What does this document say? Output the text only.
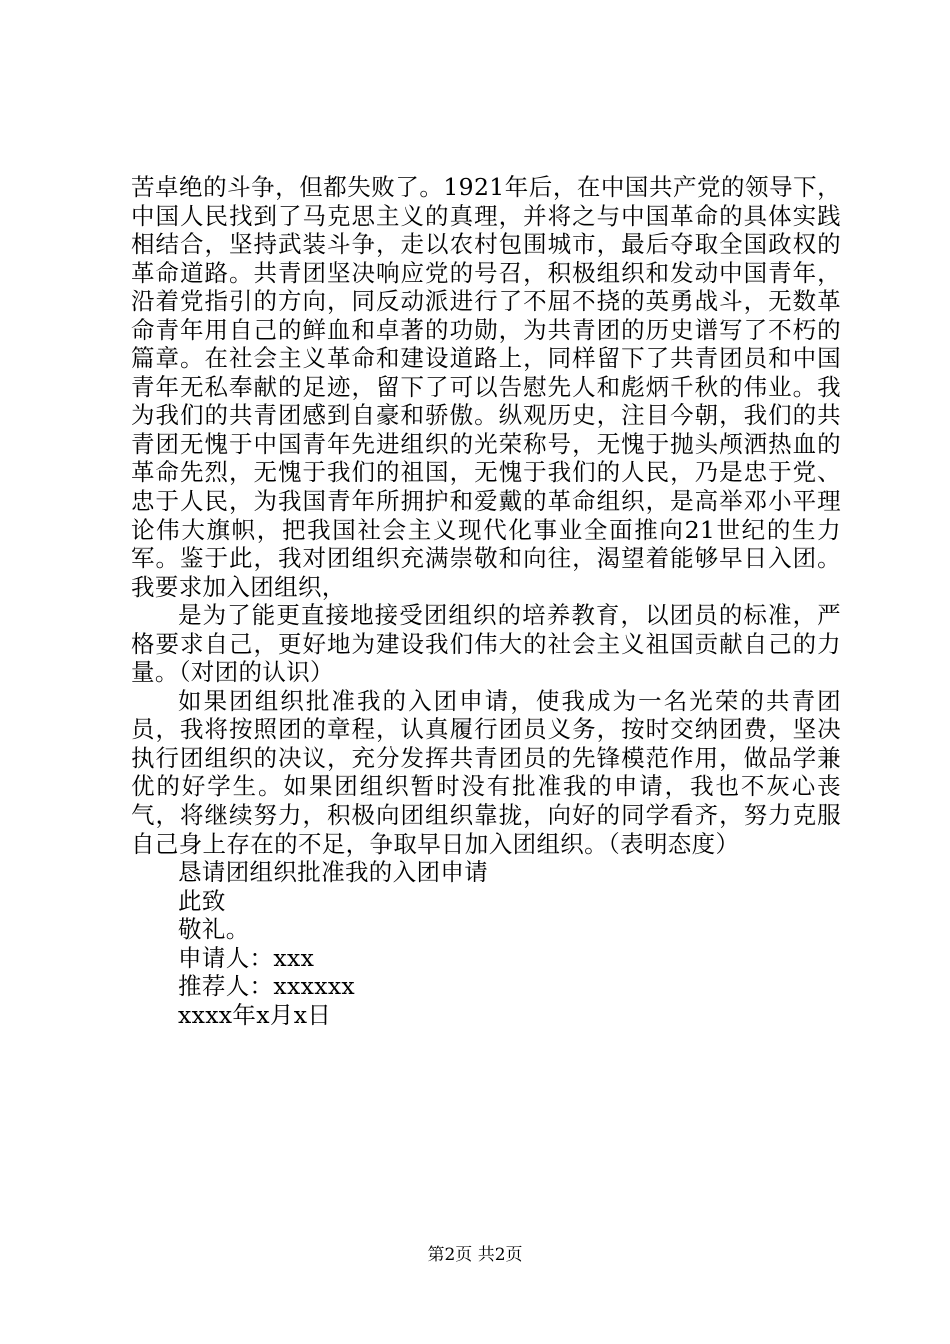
苦卓绝的斗争，但都失败了。1921年后，在中国共产党的领导下，中国人民找到了马克思主义的真理，并将之与中国革命的具体实践相结合，坚持武装斗争，走以农村包围城市，最后夺取全国政权的革命道路。共青团坚决响应党的号召，积极组织和发动中国青年，沿着党指引的方向，同反动派进行了不屈不挠的英勇战斗，无数革命青年用自己的鲜血和卓著的功勋，为共青团的历史谱写了不朽的篇章。在社会主义革命和建设道路上，同样留下了共青团员和中国青年无私奉献的足迹，留下了可以告慰先人和彪炳千秋的伟业。我为我们的共青团感到自豪和骄傲。纵观历史，注目今朝，我们的共青团无愧于中国青年先进组织的光荣称号，无愧于抛头颅洒热血的革命先烈，无愧于我们的祖国，无愧于我们的人民，乃是忠于党、忠于人民，为我国青年所拥护和爱戴的革命组织，是高举邓小平理论伟大旗帜，把我国社会主义现代化事业全面推向21世纪的生力军。鉴于此，我对团组织充满崇敬和向往，渴望着能够早日入团。我要求加入团组织，

是为了能更直接地接受团组织的培养教育，以团员的标准，严格要求自己，更好地为建设我们伟大的社会主义祖国贡献自己的力量。（对团的认识）

如果团组织批准我的入团申请，使我成为一名光荣的共青团员，我将按照团的章程，认真履行团员义务，按时交纳团费，坚决执行团组织的决议，充分发挥共青团员的先锋模范作用，做品学兼优的好学生。如果团组织暂时没有批准我的申请，我也不灰心丧气，将继续努力，积极向团组织靠拢，向好的同学看齐，努力克服自己身上存在的不足，争取早日加入团组织。（表明态度）

恳请团组织批准我的入团申请

此致

敬礼。

申请人：xxx

推荐人：xxxxxx

xxxx年x月x日

第2页 共2页
